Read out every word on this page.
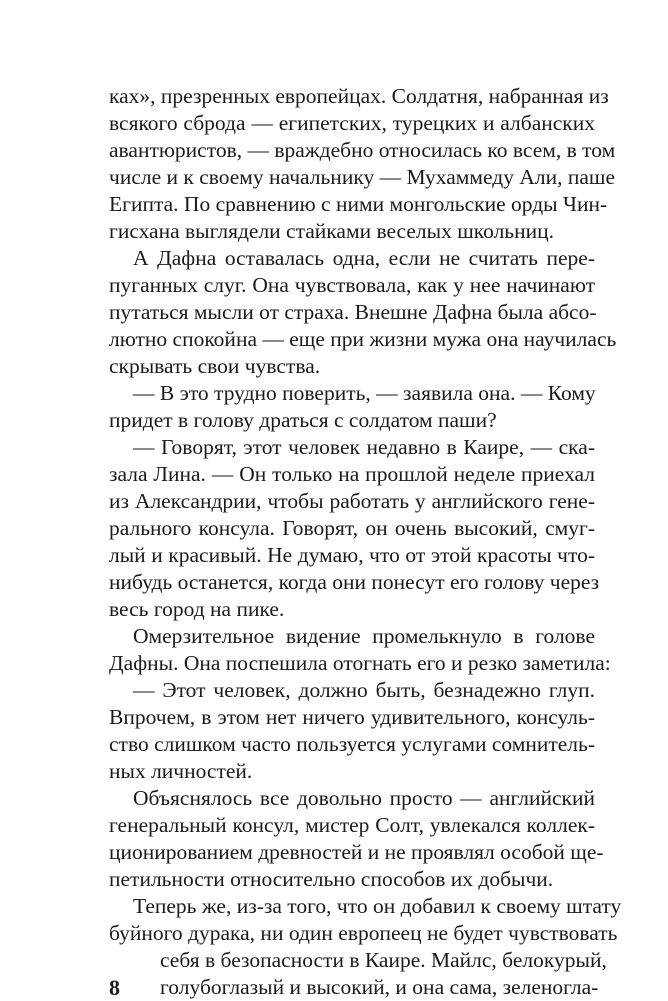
ках», презренных европейцах. Солдатня, набранная из
всякого сброда — египетских, турецких и албанских
авантюристов, — враждебно относилась ко всем, в том
числе и к своему начальнику — Мухаммеду Али, паше
Египта. По сравнению с ними монгольские орды Чин-
гисхана выглядели стайками веселых школьниц.
А Дафна оставалась одна, если не считать пере-
пуганных слуг. Она чувствовала, как у нее начинают
путаться мысли от страха. Внешне Дафна была абсо-
лютно спокойна — еще при жизни мужа она научилась
скрывать свои чувства.
— В это трудно поверить, — заявила она. — Кому
придет в голову драться с солдатом паши?
— Говорят, этот человек недавно в Каире, — ска-
зала Лина. — Он только на прошлой неделе приехал
из Александрии, чтобы работать у английского гене-
рального консула. Говорят, он очень высокий, смуг-
лый и красивый. Не думаю, что от этой красоты что-
нибудь останется, когда они понесут его голову через
весь город на пике.
Омерзительное видение промелькнуло в голове
Дафны. Она поспешила отогнать его и резко заметила:
— Этот человек, должно быть, безнадежно глуп.
Впрочем, в этом нет ничего удивительного, консуль-
ство слишком часто пользуется услугами сомнитель-
ных личностей.
Объяснялось все довольно просто — английский
генеральный консул, мистер Солт, увлекался коллек-
ционированием древностей и не проявлял особой ще-
петильности относительно способов их добычи.
Теперь же, из-за того, что он добавил к своему штату
буйного дурака, ни один европеец не будет чувствовать
себя в безопасности в Каире. Майлс, белокурый,
голубоглазый и высокий, и она сама, зеленогла-
8
